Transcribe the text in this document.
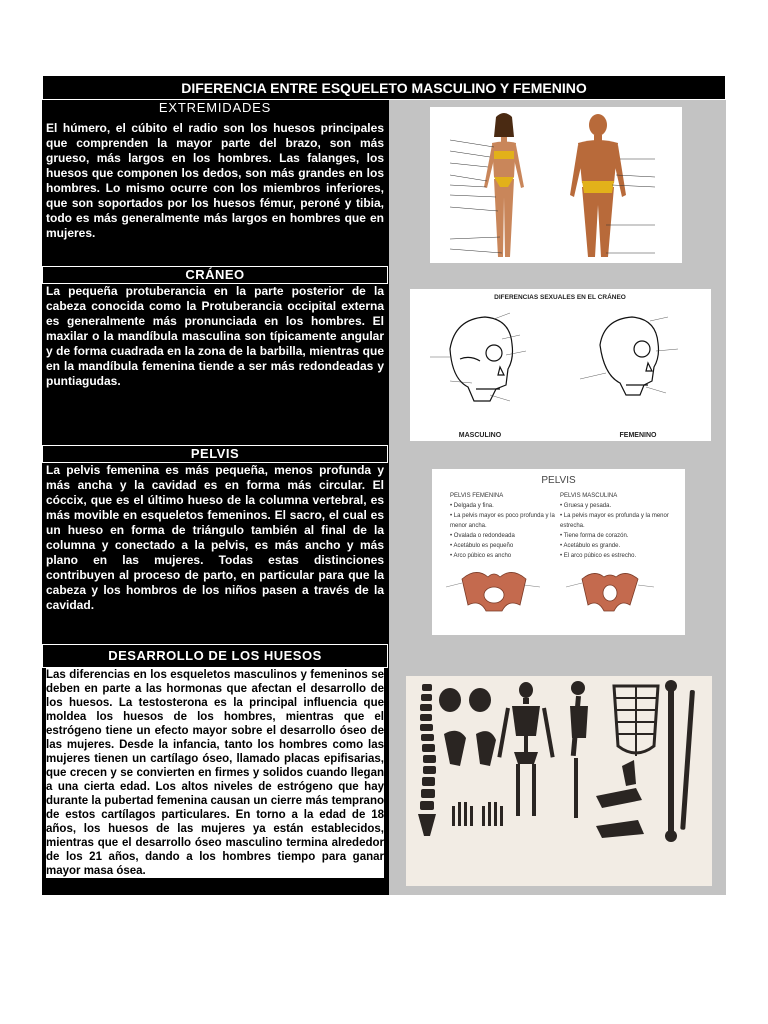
DIFERENCIA ENTRE ESQUELETO MASCULINO Y FEMENINO
EXTREMIDADES
El húmero, el cúbito el radio son los huesos principales que comprenden la mayor parte del brazo, son más grueso, más largos en los hombres. Las falanges, los huesos que componen los dedos, son más grandes en los hombres. Lo mismo ocurre con los miembros inferiores, que son soportados por los huesos fémur, peroné y tibia, todo es más generalmente más largos en hombres que en mujeres.
CRÁNEO
La pequeña protuberancia en la parte posterior de la cabeza conocida como la Protuberancia occipital externa es generalmente más pronunciada en los hombres. El maxilar o la mandíbula masculina son típicamente angular y de forma cuadrada en la zona de la barbilla, mientras que en la mandíbula femenina tiende a ser más redondeadas y puntiagudas.
DIFERENCIAS SEXUALES EN EL CRÁNEO
MASCULINO	FEMENINO
PELVIS
La pelvis femenina es más pequeña, menos profunda y más ancha y la cavidad es en forma más circular. El cóccix, que es el último hueso de la columna vertebral, es más movible en esqueletos femeninos. El sacro, el cual es un hueso en forma de triángulo también al final de la columna y conectado a la pelvis, es más ancho y más plano en las mujeres. Todas estas distinciones contribuyen al proceso de parto, en particular para que la cabeza y los hombros de los niños pasen a través de la cavidad.
PELVIS
PELVIS FEMENINA
• Delgada y fina.
• La pelvis mayor es poco profunda y la menor ancha.
• Ovalada o redondeada
• Acetábulo es pequeño
• Arco púbico es ancho
PELVIS MASCULINA
• Gruesa y pesada.
• La pelvis mayor es profunda y la menor estrecha.
• Tiene forma de corazón.
• Acetábulo es grande.
• El arco púbico es estrecho.
DESARROLLO DE LOS HUESOS
Las diferencias en los esqueletos masculinos y femeninos se deben en parte a las hormonas que afectan el desarrollo de los huesos. La testosterona es la principal influencia que moldea los huesos de los hombres, mientras que el estrógeno tiene un efecto mayor sobre el desarrollo óseo de las mujeres. Desde la infancia, tanto los hombres como las mujeres tienen un cartílago óseo, llamado placas epifisarias, que crecen y se convierten en firmes y solidos cuando llegan a una cierta edad. Los altos niveles de estrógeno que hay durante la pubertad femenina causan un cierre más temprano de estos cartílagos particulares. En torno a la edad de 18 años, los huesos de las mujeres ya están establecidos, mientras que el desarrollo óseo masculino termina alrededor de los 21 años, dando a los hombres tiempo para ganar mayor masa ósea.
